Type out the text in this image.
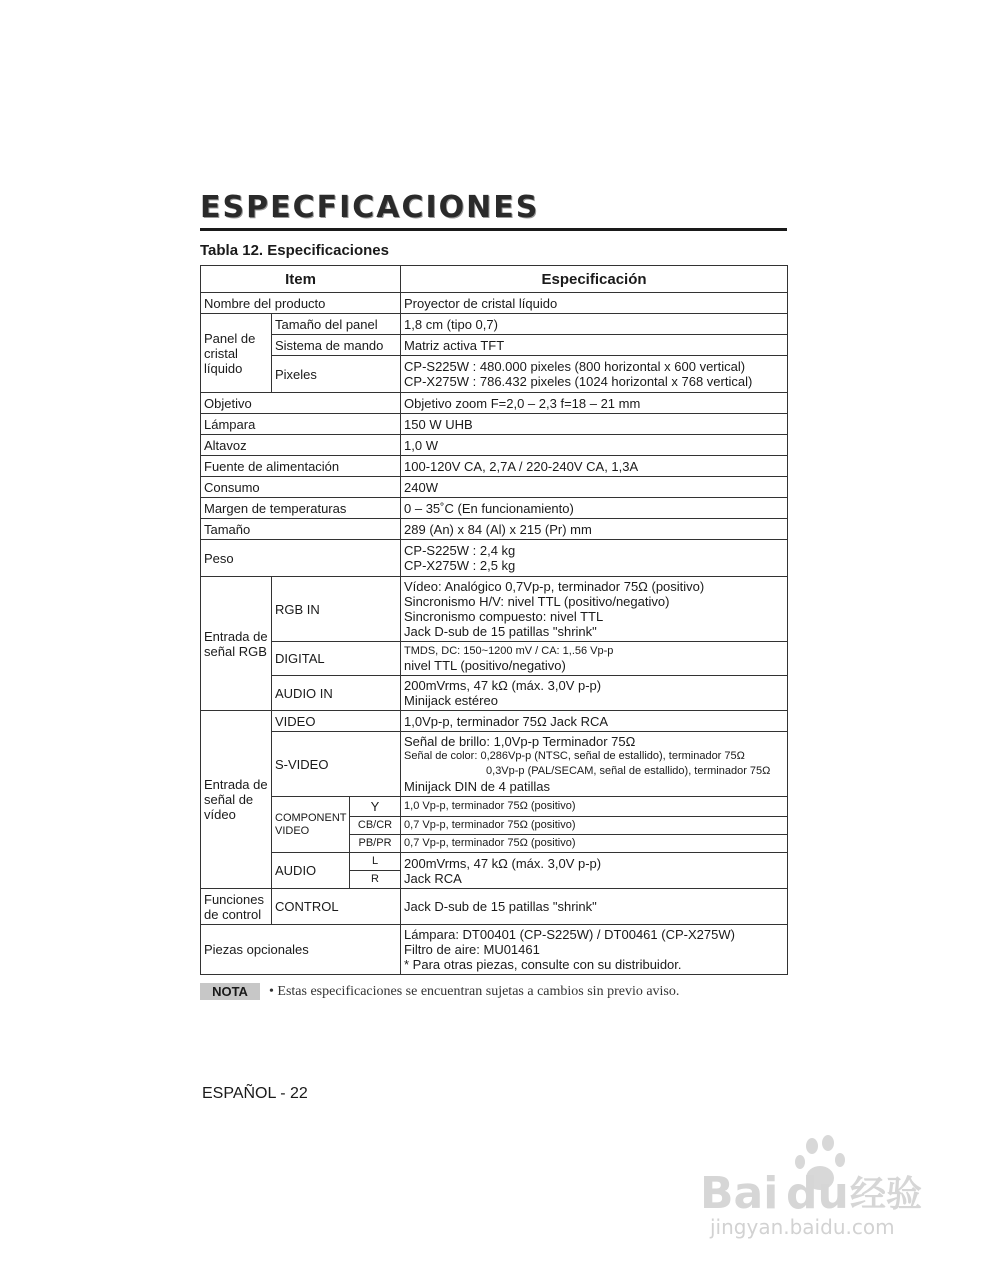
ESPECFICACIONES
Tabla 12. Especificaciones
Item			Especificación
Nombre del producto			Proyector de cristal líquido
Panel de cristal líquido	Tamaño del panel		1,8 cm (tipo 0,7)
	Sistema de mando		Matriz activa TFT
	Pixeles		CP-S225W : 480.000 pixeles (800 horizontal x 600 vertical)
CP-X275W : 786.432 pixeles (1024 horizontal x 768 vertical)

Objetivo			Objetivo zoom F=2,0 – 2,3 f=18 – 21 mm
Lámpara			150 W UHB
Altavoz			1,0 W
Fuente de alimentación			100-120V CA, 2,7A / 220-240V CA, 1,3A
Consumo			240W
Margen de temperaturas			0 – 35˚C (En funcionamiento)
Tamaño			289 (An) x 84 (Al) x 215 (Pr) mm
Peso			CP-S225W : 2,4 kg
CP-X275W : 2,5 kg

Entrada de señal RGB	RGB IN		Vídeo: Analógico 0,7Vp-p, terminador 75Ω (positivo)
Sincronismo H/V: nivel TTL (positivo/negativo)
Sincronismo compuesto: nivel TTL
Jack D-sub de 15 patillas "shrink"

	DIGITAL		TMDS, DC: 150~1200 mV / CA: 1,.56 Vp-p
nivel TTL (positivo/negativo)

	AUDIO IN		200mVrms, 47 kΩ (máx. 3,0V p-p)
Minijack estéreo

Entrada de señal de vídeo	VIDEO		1,0Vp-p, terminador 75Ω Jack RCA
	S-VIDEO		Señal de brillo: 1,0Vp-p Terminador 75Ω
Señal de color: 0,286Vp-p (NTSC, señal de estallido), terminador 75Ω
0,3Vp-p (PAL/SECAM, señal de estallido), terminador 75Ω
Minijack DIN de 4 patillas

	COMPONENT VIDEO	Y	1,0 Vp-p, terminador 75Ω (positivo)
		CB/CR	0,7 Vp-p, terminador 75Ω (positivo)
		PB/PR	0,7 Vp-p, terminador 75Ω (positivo)
	AUDIO	L	200mVrms, 47 kΩ (máx. 3,0V p-p)
Jack RCA

		R	
Funciones de control	CONTROL		Jack D-sub de 15 patillas "shrink"
Piezas opcionales			Lámpara: DT00401 (CP-S225W) / DT00461 (CP-X275W)
Filtro de aire: MU01461
* Para otras piezas, consulte con su distribuidor.
NOTA	• Estas especificaciones se encuentran sujetas a cambios sin previo aviso.
ESPAÑOL - 22
Bai du 经验
jingyan.baidu.com
